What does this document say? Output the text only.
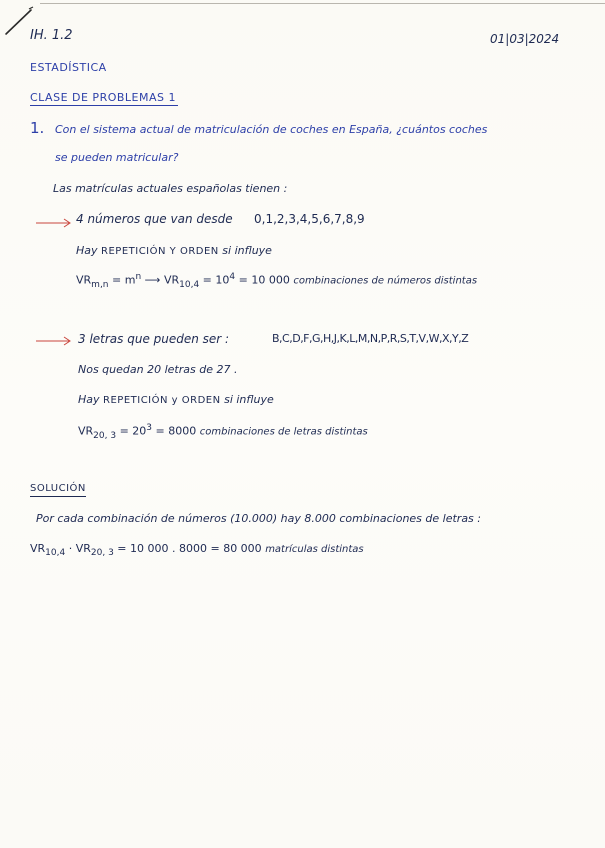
IH. 1.2	01|03|2024
ESTADÍSTICA
CLASE DE PROBLEMAS 1
1. Con el sistema actual de matriculación de coches en España, ¿cuántos coches
se pueden matricular?
Las matrículas actuales españolas tienen :
4 números que van desde 0,1,2,3,4,5,6,7,8,9
Hay REPETICIÓN Y ORDEN si influye
$VR_{m,n} = m^n$ ⟶ $VR_{10,4} = 10^4 = 10$ 000 combinaciones de números distintas
3 letras que pueden ser :	B,C,D,F,G,H,J,K,L,M,N,P,R,S,T,V,W,X,Y,Z
Nos quedan 20 letras de 27 .
Hay REPETICIÓN y ORDEN si influye
$VR_{20, 3} = 20^3 = 8000$ combinaciones de letras distintas
SOLUCIÓN
Por cada combinación de números (10.000) hay 8.000 combinaciones de letras :
$VR_{10,4} \cdot VR_{20, 3} = 10$ 000 . 8000 = 80 000 matrículas distintas
